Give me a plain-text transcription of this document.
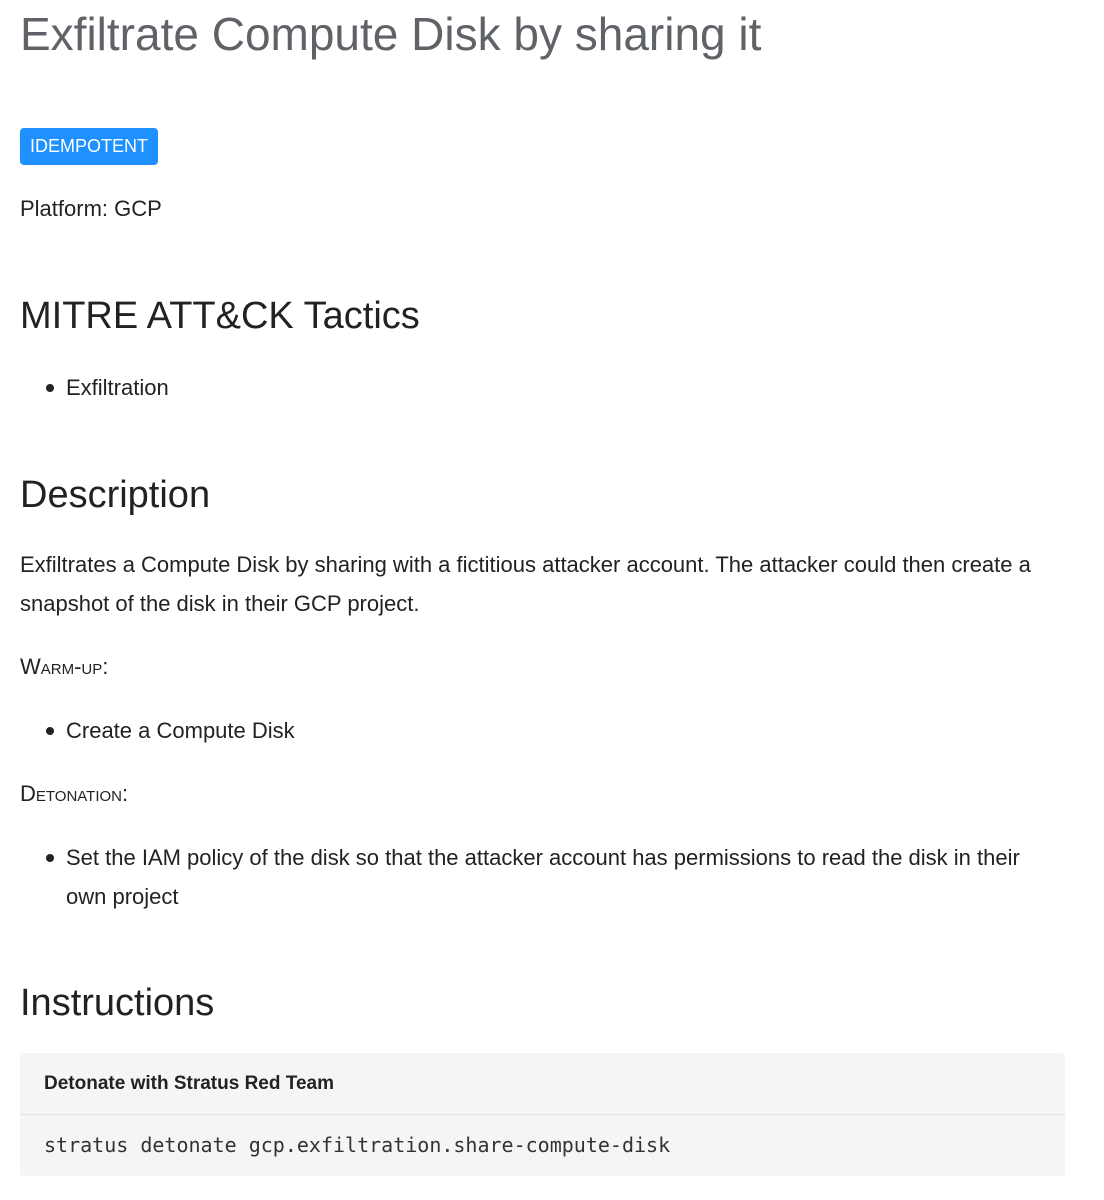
Exfiltrate Compute Disk by sharing it
IDEMPOTENT
Platform: GCP
MITRE ATT&CK Tactics
Exfiltration
Description

Exfiltrates a Compute Disk by sharing with a fictitious attacker account. The attacker could then create a snapshot of the disk in their GCP project.

Warm-up:
Create a Compute Disk
Detonation:
Set the IAM policy of the disk so that the attacker account has permissions to read the disk in their own project
Instructions
Detonate with Stratus Red Team
stratus detonate gcp.exfiltration.share-compute-disk
